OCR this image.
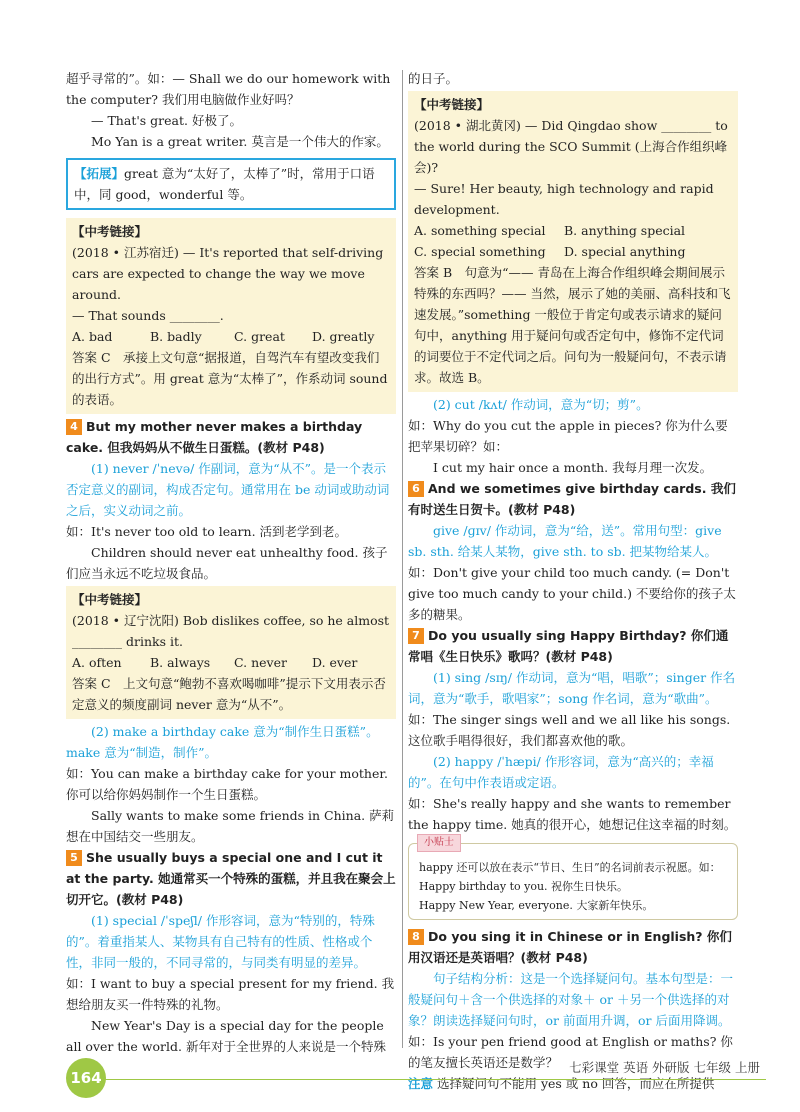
超乎寻常的”。如：— Shall we do our homework with the computer? 我们用电脑做作业好吗？

— That's great. 好极了。

Mo Yan is a great writer. 莫言是一个伟大的作家。

【拓展】great 意为“太好了，太棒了”时，常用于口语中，同 good，wonderful 等。

【中考链接】

(2018 • 江苏宿迁) — It's reported that self-driving cars are expected to change the way we move around.

— That sounds ________.

A. bad	B. badly	C. great D. greatly

答案 C　承接上文句意“据报道，自驾汽车有望改变我们的出行方式”。用 great 意为“太棒了”，作系动词 sound 的表语。

4 But my mother never makes a birthday cake. 但我妈妈从不做生日蛋糕。(教材 P48)

(1) never /ˈnevə/ 作副词，意为“从不”。是一个表示否定意义的副词，构成否定句。通常用在 be 动词或助动词之后，实义动词之前。

如：It's never too old to learn. 活到老学到老。

Children should never eat unhealthy food. 孩子们应当永远不吃垃圾食品。

【中考链接】

(2018 • 辽宁沈阳) Bob dislikes coffee, so he almost ________ drinks it.

A. often B. always C. never D. ever

答案 C　上文句意“鲍勃不喜欢喝咖啡”提示下文用表示否定意义的频度副词 never 意为“从不”。

(2) make a birthday cake 意为“制作生日蛋糕”。make 意为“制造，制作”。

如：You can make a birthday cake for your mother. 你可以给你妈妈制作一个生日蛋糕。

Sally wants to make some friends in China. 萨莉想在中国结交一些朋友。

5 She usually buys a special one and I cut it at the party. 她通常买一个特殊的蛋糕，并且我在聚会上切开它。(教材 P48)

(1) special /ˈspeʃl/ 作形容词，意为“特别的，特殊的”。着重指某人、某物具有自己特有的性质、性格或个性，非同一般的，不同寻常的，与同类有明显的差异。

如：I want to buy a special present for my friend. 我想给朋友买一件特殊的礼物。

New Year's Day is a special day for the people all over the world. 新年对于全世界的人来说是一个特殊

的日子。

【中考链接】

(2018 • 湖北黄冈) — Did Qingdao show ________ to the world during the SCO Summit (上海合作组织峰会)?

— Sure! Her beauty, high technology and rapid development.

A. something special B. anything special

C. special something D. special anything

答案 B　句意为“—— 青岛在上海合作组织峰会期间展示特殊的东西吗？—— 当然，展示了她的美丽、高科技和飞速发展。”something 一般位于肯定句或表示请求的疑问句中，anything 用于疑问句或否定句中，修饰不定代词的词要位于不定代词之后。问句为一般疑问句，不表示请求。故选 B。

(2) cut /kʌt/ 作动词，意为“切；剪”。

如：Why do you cut the apple in pieces? 你为什么要把苹果切碎？如：

I cut my hair once a month. 我每月理一次发。

6 And we sometimes give birthday cards. 我们有时送生日贺卡。(教材 P48)

give /ɡɪv/ 作动词，意为“给，送”。常用句型：give sb. sth. 给某人某物，give sth. to sb. 把某物给某人。

如：Don't give your child too much candy. (= Don't give too much candy to your child.) 不要给你的孩子太多的糖果。

7 Do you usually sing Happy Birthday? 你们通常唱《生日快乐》歌吗？(教材 P48)

(1) sing /sɪŋ/ 作动词，意为“唱，唱歌”；singer 作名词，意为“歌手，歌唱家”；song 作名词，意为“歌曲”。

如：The singer sings well and we all like his songs. 这位歌手唱得很好，我们都喜欢他的歌。

(2) happy /ˈhæpi/ 作形容词，意为“高兴的；幸福的”。在句中作表语或定语。

如：She's really happy and she wants to remember the happy time. 她真的很开心，她想记住这幸福的时刻。

小贴士

happy 还可以放在表示“节日、生日”的名词前表示祝愿。如：

Happy birthday to you. 祝你生日快乐。

Happy New Year, everyone. 大家新年快乐。

8 Do you sing it in Chinese or in English? 你们用汉语还是英语唱？(教材 P48)

句子结构分析：这是一个选择疑问句。基本句型是：一般疑问句＋含一个供选择的对象＋ or ＋另一个供选择的对象？朗读选择疑问句时，or 前面用升调，or 后面用降调。

如：Is your pen friend good at English or maths? 你的笔友擅长英语还是数学？

注意 选择疑问句不能用 yes 或 no 回答，而应在所提供

164
七彩课堂 英语 外研版 七年级 上册
